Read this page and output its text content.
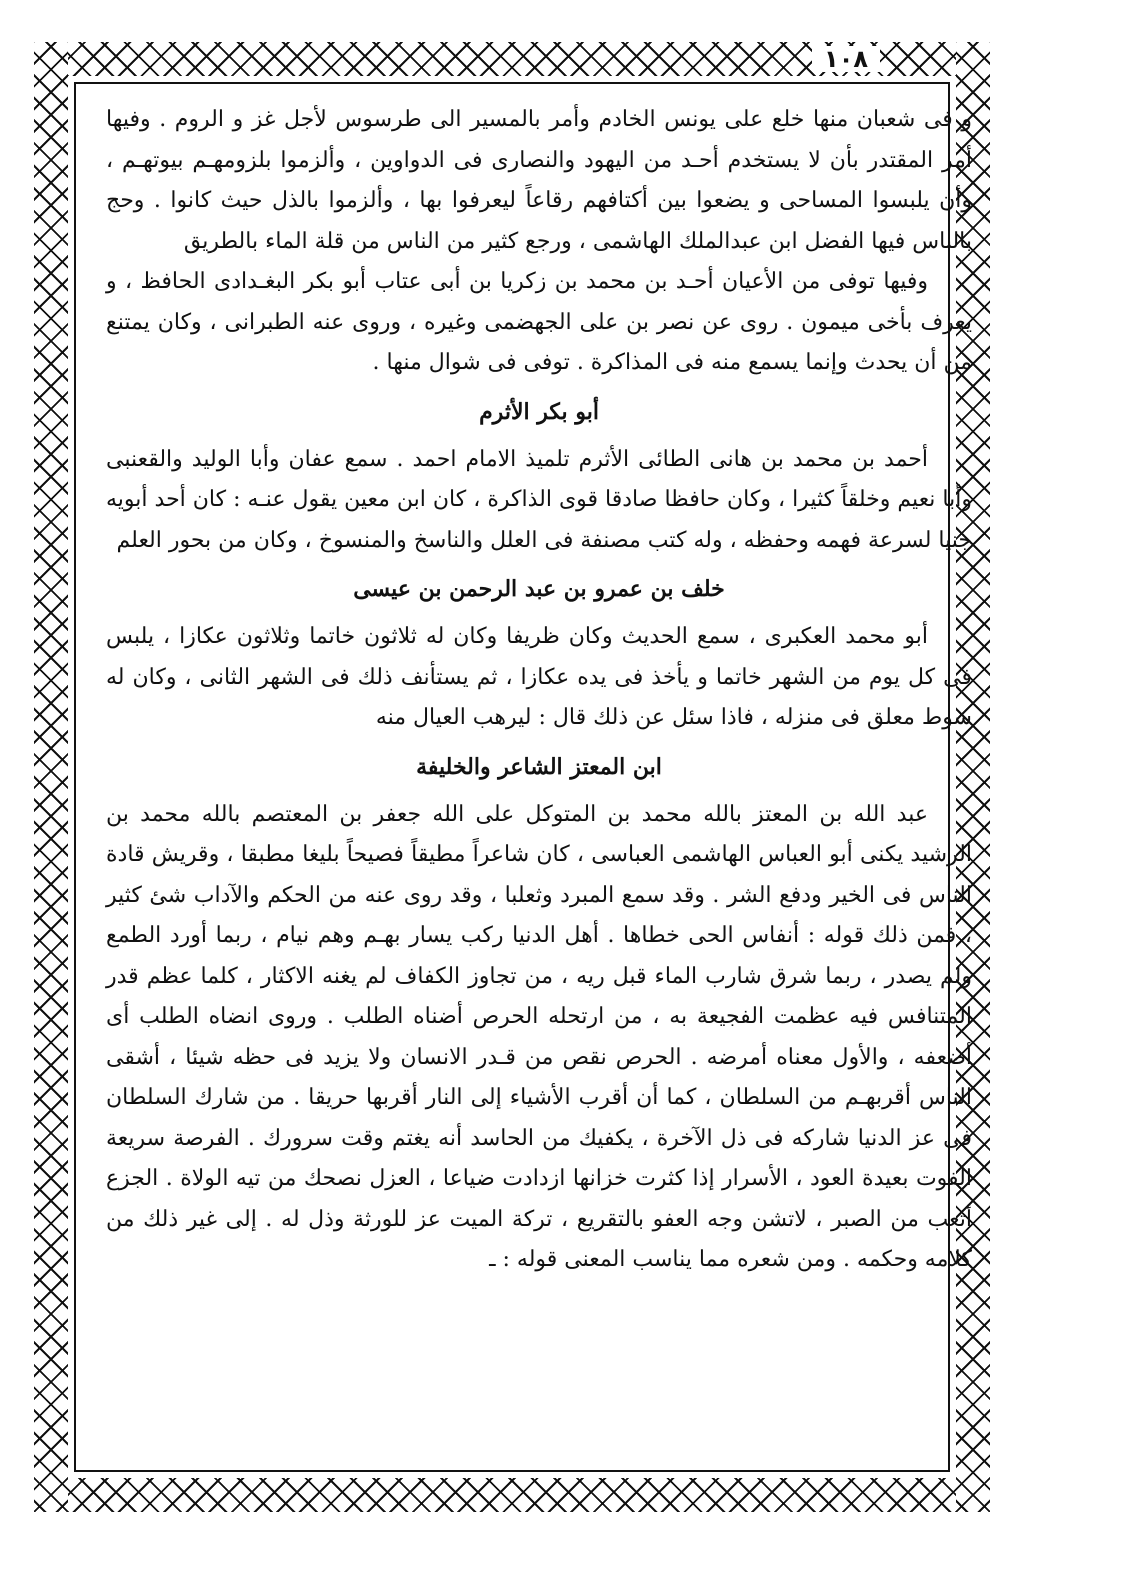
١٠٨

و فى شعبان منها خلع على يونس الخادم وأمر بالمسير الى طرسوس لأجل غز و الروم . وفيها أمر المقتدر بأن لا يستخدم أحـد من اليهود والنصارى فى الدواوين ، وألزموا بلزومهـم بيوتهـم ، وأن يلبسوا المساحى و يضعوا بين أكتافهم رقاعاً ليعرفوا بها ، وألزموا بالذل حيث كانوا . وحج بالناس فيها الفضل ابن عبدالملك الهاشمى ، ورجع كثير من الناس من قلة الماء بالطريق

وفيها توفى من الأعيان أحـد بن محمد بن زكريا بن أبى عتاب أبو بكر البغـدادى الحافظ ، و يعرف بأخى ميمون . روى عن نصر بن على الجهضمى وغيره ، وروى عنه الطبرانى ، وكان يمتنع من أن يحدث وإنما يسمع منه فى المذاكرة . توفى فى شوال منها .

أبو بكر الأثرم

أحمد بن محمد بن هانى الطائى الأثرم تلميذ الامام احمد . سمع عفان وأبا الوليد والقعنبى وأبا نعيم وخلقاً كثيرا ، وكان حافظا صادقا قوى الذاكرة ، كان ابن معين يقول عنـه : كان أحد أبويه جنيا لسرعة فهمه وحفظه ، وله كتب مصنفة فى العلل والناسخ والمنسوخ ، وكان من بحور العلم

خلف بن عمرو بن عبد الرحمن بن عيسى

أبو محمد العكبرى ، سمع الحديث وكان ظريفا وكان له ثلاثون خاتما وثلاثون عكازا ، يلبس فى كل يوم من الشهر خاتما و يأخذ فى يده عكازا ، ثم يستأنف ذلك فى الشهر الثانى ، وكان له سوط معلق فى منزله ، فاذا سئل عن ذلك قال : ليرهب العيال منه

ابن المعتز الشاعر والخليفة

عبد الله بن المعتز بالله محمد بن المتوكل على الله جعفر بن المعتصم بالله محمد بن الرشيد يكنى أبو العباس الهاشمى العباسى ، كان شاعراً مطيقاً فصيحاً بليغا مطبقا ، وقريش قادة الناس فى الخير ودفع الشر . وقد سمع المبرد وثعلبا ، وقد روى عنه من الحكم والآداب شئ كثير ، فمن ذلك قوله : أنفاس الحى خطاها . أهل الدنيا ركب يسار بهـم وهم نيام ، ربما أورد الطمع ولم يصدر ، ربما شرق شارب الماء قبل ريه ، من تجاوز الكفاف لم يغنه الاكثار ، كلما عظم قدر المتنافس فيه عظمت الفجيعة به ، من ارتحله الحرص أضناه الطلب . وروى انضاه الطلب أى أضعفه ، والأول معناه أمرضه . الحرص نقص من قـدر الانسان ولا يزيد فى حظه شيئا ، أشقى الناس أقربهـم من السلطان ، كما أن أقرب الأشياء إلى النار أقربها حريقا . من شارك السلطان فى عز الدنيا شاركه فى ذل الآخرة ، يكفيك من الحاسد أنه يغتم وقت سرورك . الفرصة سريعة الفوت بعيدة العود ، الأسرار إذا كثرت خزانها ازدادت ضياعا ، العزل نصحك من تيه الولاة . الجزع أتعب من الصبر ، لاتشن وجه العفو بالتقريع ، تركة الميت عز للورثة وذل له . إلى غير ذلك من كلامه وحكمه . ومن شعره مما يناسب المعنى قوله : ـ
